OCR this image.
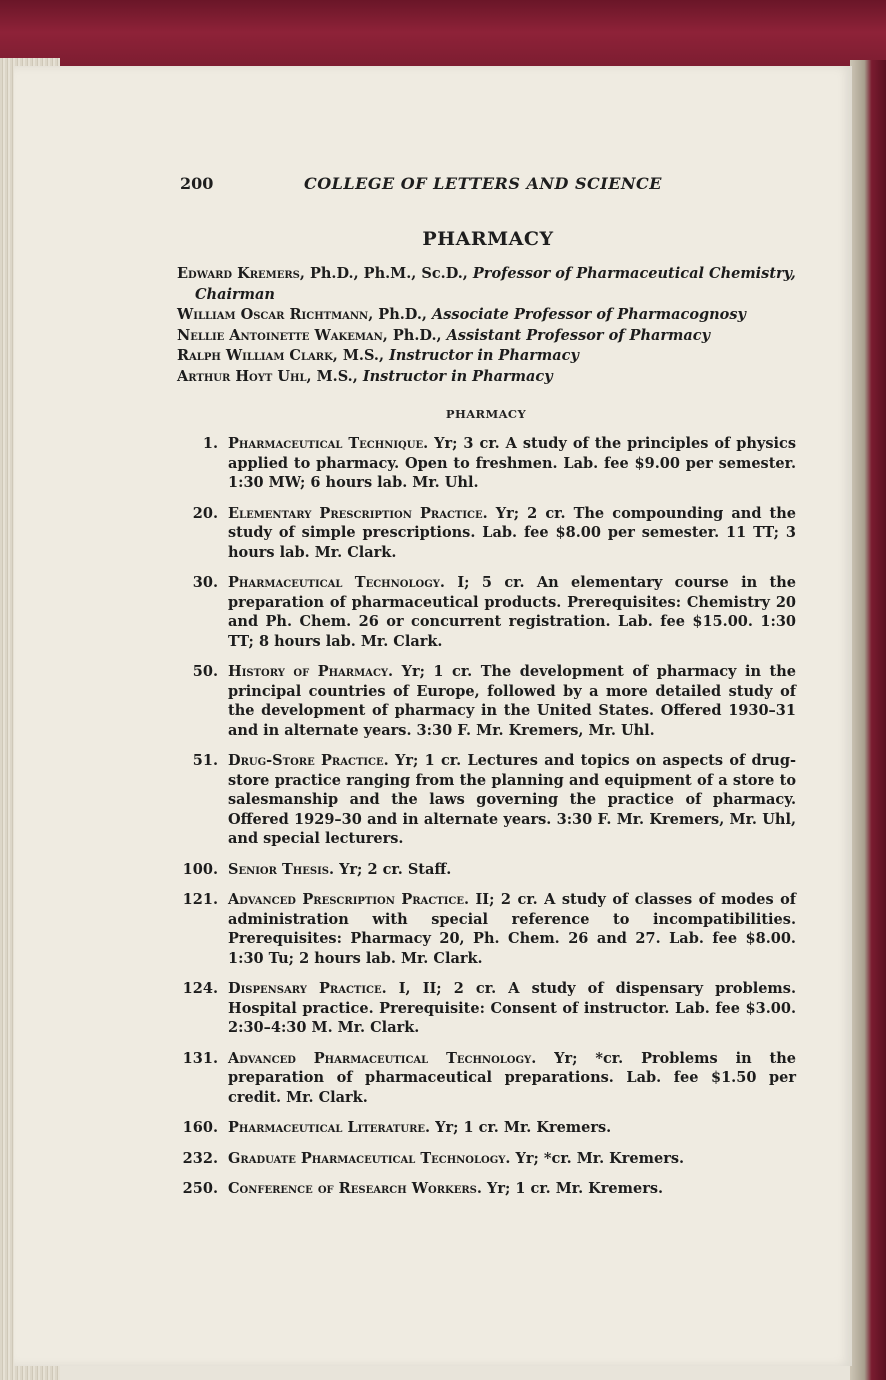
200	COLLEGE OF LETTERS AND SCIENCE
PHARMACY

Edward Kremers, Ph.D., Ph.M., Sc.D., Professor of Pharmaceutical Chemistry, Chairman

William Oscar Richtmann, Ph.D., Associate Professor of Pharmacognosy

Nellie Antoinette Wakeman, Ph.D., Assistant Professor of Pharmacy

Ralph William Clark, M.S., Instructor in Pharmacy

Arthur Hoyt Uhl, M.S., Instructor in Pharmacy

PHARMACY
1. Pharmaceutical Technique. Yr; 3 cr. A study of the principles of physics applied to pharmacy. Open to freshmen. Lab. fee $9.00 per semester. 1:30 MW; 6 hours lab. Mr. Uhl.
20. Elementary Prescription Practice. Yr; 2 cr. The compounding and the study of simple prescriptions. Lab. fee $8.00 per semester. 11 TT; 3 hours lab. Mr. Clark.
30. Pharmaceutical Technology. I; 5 cr. An elementary course in the preparation of pharmaceutical products. Prerequisites: Chemistry 20 and Ph. Chem. 26 or concurrent registration. Lab. fee $15.00. 1:30 TT; 8 hours lab. Mr. Clark.
50. History of Pharmacy. Yr; 1 cr. The development of pharmacy in the principal countries of Europe, followed by a more detailed study of the development of pharmacy in the United States. Offered 1930–31 and in alternate years. 3:30 F. Mr. Kremers, Mr. Uhl.
51. Drug-Store Practice. Yr; 1 cr. Lectures and topics on aspects of drug-store practice ranging from the planning and equipment of a store to salesmanship and the laws governing the practice of pharmacy. Offered 1929–30 and in alternate years. 3:30 F. Mr. Kremers, Mr. Uhl, and special lecturers.
100. Senior Thesis. Yr; 2 cr. Staff.
121. Advanced Prescription Practice. II; 2 cr. A study of classes of modes of administration with special reference to incompatibilities. Prerequisites: Pharmacy 20, Ph. Chem. 26 and 27. Lab. fee $8.00. 1:30 Tu; 2 hours lab. Mr. Clark.
124. Dispensary Practice. I, II; 2 cr. A study of dispensary problems. Hospital practice. Prerequisite: Consent of instructor. Lab. fee $3.00. 2:30–4:30 M. Mr. Clark.
131. Advanced Pharmaceutical Technology. Yr; *cr. Problems in the preparation of pharmaceutical preparations. Lab. fee $1.50 per credit. Mr. Clark.
160. Pharmaceutical Literature. Yr; 1 cr. Mr. Kremers.
232. Graduate Pharmaceutical Technology. Yr; *cr. Mr. Kremers.
250. Conference of Research Workers. Yr; 1 cr. Mr. Kremers.
